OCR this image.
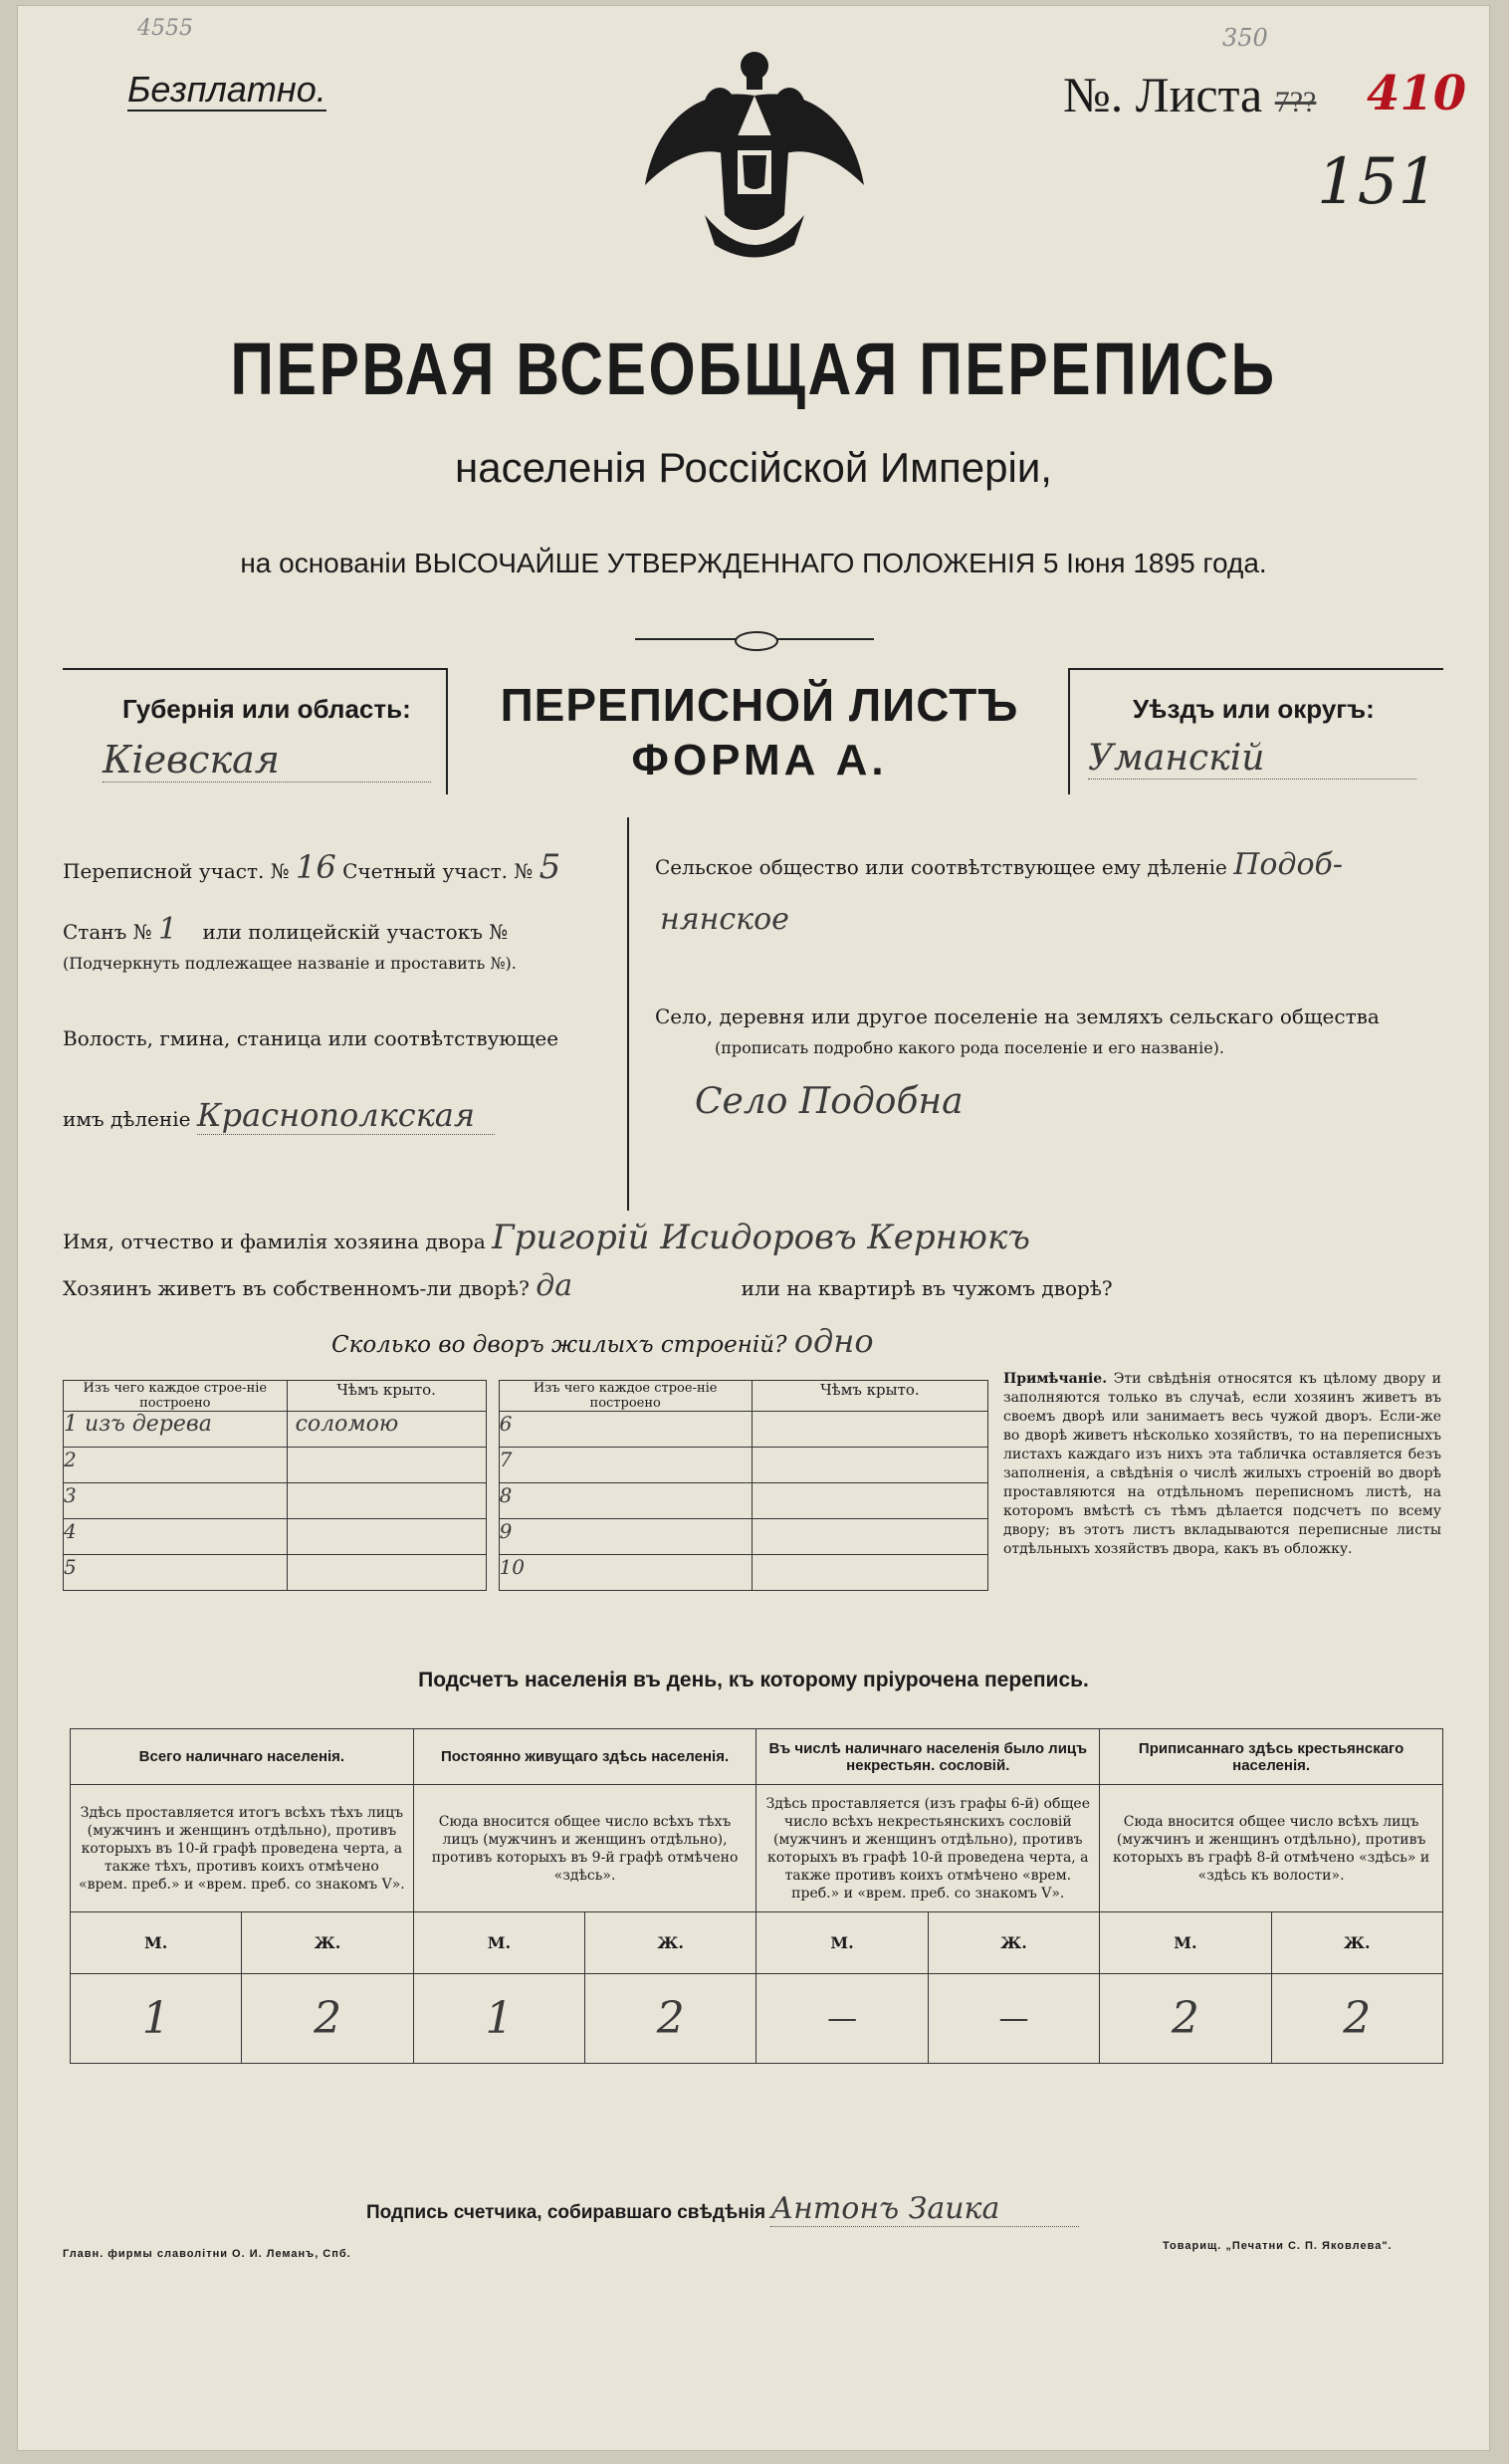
4555	350
Безплатно.	№. Листа 7?? 410
151
ПЕРВАЯ ВСЕОБЩАЯ ПЕРЕПИСЬ
населенія Россійской Имперіи,
на основаніи ВЫСОЧАЙШЕ УТВЕРЖДЕННАГО ПОЛОЖЕНІЯ 5 Іюня 1895 года.
Губернія или область:
Кіевская
ПЕРЕПИСНОЙ ЛИСТЪ
ФОРМА А.
Уѣздъ или округъ:
Уманскій
Переписной участ. № 16 Счетный участ. № 5
Станъ № 1 или полицейскій участокъ №
(Подчеркнуть подлежащее названіе и проставить №).
Волость, гмина, станица или соотвѣтствующее
имъ дѣленіе Краснополкская
Сельское общество или соотвѣтствующее ему дѣленіе Подоб-
нянское
Село, деревня или другое поселеніе на земляхъ сельскаго общества
(прописать подробно какого рода поселеніе и его названіе).
Село Подобна
Имя, отчество и фамилія хозяина двора Григорій Исидоровъ Кернюкъ
Хозяинъ живетъ въ собственномъ-ли дворѣ? да	или на квартирѣ въ чужомъ дворѣ?
Сколько во дворъ жилыхъ строеній? одно
Изъ чего каждое строе-ніе построено	Чѣмъ крыто.		Изъ чего каждое строе-ніе построено	Чѣмъ крыто.
1 изъ дерева	соломою		6	
2			7	
3			8	
4			9	
5			10	
Примѣчаніе. Эти свѣдѣнія относятся къ цѣлому двору и заполняются только въ случаѣ, если хозяинъ живетъ въ своемъ дворѣ или занимаетъ весь чужой дворъ. Если-же во дворѣ живетъ нѣсколько хозяйствъ, то на переписныхъ листахъ каждаго изъ нихъ эта табличка оставляется безъ заполненія, а свѣдѣнія о числѣ жилыхъ строеній во дворѣ проставляются на отдѣльномъ переписномъ листѣ, на которомъ вмѣстѣ съ тѣмъ дѣлается подсчетъ по всему двору; въ этотъ листъ вкладываются переписные листы отдѣльныхъ хозяйствъ двора, какъ въ обложку.
Подсчетъ населенія въ день, къ которому пріурочена перепись.
Всего наличнаго населенія.		Постоянно живущаго здѣсь населенія.		Въ числѣ наличнаго населенія было лицъ некрестьян. сословій.		Приписаннаго здѣсь крестьянскаго населенія.	
Здѣсь проставляется итогъ всѣхъ тѣхъ лицъ (мужчинъ и женщинъ отдѣльно), противъ которыхъ въ 10-й графѣ проведена черта, а также тѣхъ, противъ коихъ отмѣчено «врем. преб.» и «врем. преб. со знакомъ V».		Сюда вносится общее число всѣхъ тѣхъ лицъ (мужчинъ и женщинъ отдѣльно), противъ которыхъ въ 9-й графѣ отмѣчено «здѣсь».		Здѣсь проставляется (изъ графы 6-й) общее число всѣхъ некрестьянскихъ сословій (мужчинъ и женщинъ отдѣльно), противъ которыхъ въ графѣ 10-й проведена черта, а также противъ коихъ отмѣчено «врем. преб.» и «врем. преб. со знакомъ V».		Сюда вносится общее число всѣхъ лицъ (мужчинъ и женщинъ отдѣльно), противъ которыхъ въ графѣ 8-й отмѣчено «здѣсь» и «здѣсь къ волости».	
М.	Ж.	М.	Ж.	М.	Ж.	М.	Ж.
1	2	1	2	—	—	2	2
Подпись счетчика, собиравшаго свѣдѣнія Антонъ Заика
Главн. фирмы славолітни О. И. Леманъ, Спб.
Товарищ. „Печатни С. П. Яковлева".
